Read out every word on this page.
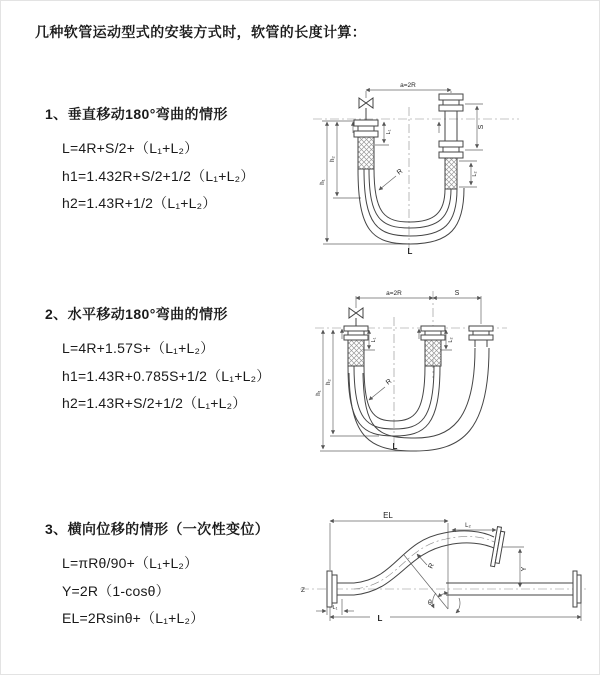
几种软管运动型式的安装方式时，软管的长度计算：
1、垂直移动180°弯曲的情形
L=4R+S/2+（L₁+L₂）
h1=1.432R+S/2+1/2（L₁+L₂）
h2=1.43R+1/2（L₁+L₂）
2、水平移动180°弯曲的情形
L=4R+1.57S+（L₁+L₂）
h1=1.43R+0.785S+1/2（L₁+L₂）
h2=1.43R+S/2+1/2（L₁+L₂）
3、横向位移的情形（一次性变位）
L=πRθ/90+（L₁+L₂）
Y=2R（1-cosθ）
EL=2Rsinθ+（L₁+L₂）
a=2R
S
h₁
h₂
L₁
L₂
R
L
a=2R	S
h₁
h₂
L₁	L₂
R
L
EL
L₂
Y
R
θ
L
L₁
Z
